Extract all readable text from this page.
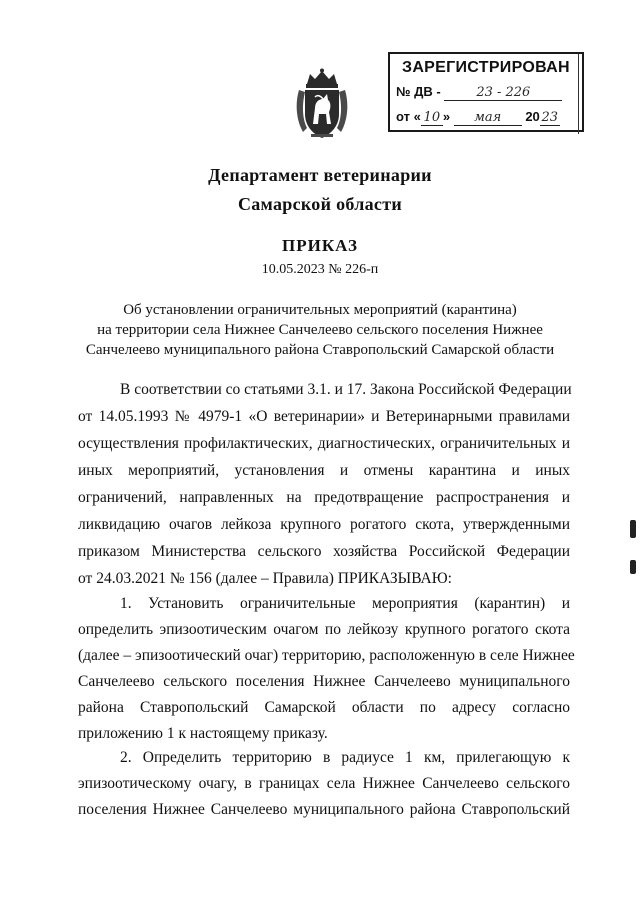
ЗАРЕГИСТРИРОВАН
№ ДВ -	23 - 226
от « 10 » мая 20 23
Департамент ветеринарии
Самарской области
ПРИКАЗ
10.05.2023 № 226-п
Об установлении ограничительных мероприятий (карантина)
на территории села Нижнее Санчелеево сельского поселения Нижнее
Санчелеево муниципального района Ставропольский Самарской области
В соответствии со статьями 3.1. и 17. Закона Российской Федерации
от 14.05.1993 № 4979-1 «О ветеринарии» и Ветеринарными правилами
осуществления профилактических, диагностических, ограничительных и
иных мероприятий, установления и отмены карантина и иных
ограничений, направленных на предотвращение распространения и
ликвидацию очагов лейкоза крупного рогатого скота, утвержденными
приказом Министерства сельского хозяйства Российской Федерации
от 24.03.2021 № 156 (далее – Правила) ПРИКАЗЫВАЮ:
1. Установить ограничительные мероприятия (карантин) и
определить эпизоотическим очагом по лейкозу крупного рогатого скота
(далее – эпизоотический очаг) территорию, расположенную в селе Нижнее
Санчелеево сельского поселения Нижнее Санчелеево муниципального
района Ставропольский Самарской области по адресу согласно
приложению 1 к настоящему приказу.
2. Определить территорию в радиусе 1 км, прилегающую к
эпизоотическому очагу, в границах села Нижнее Санчелеево сельского
поселения Нижнее Санчелеево муниципального района Ставропольский
